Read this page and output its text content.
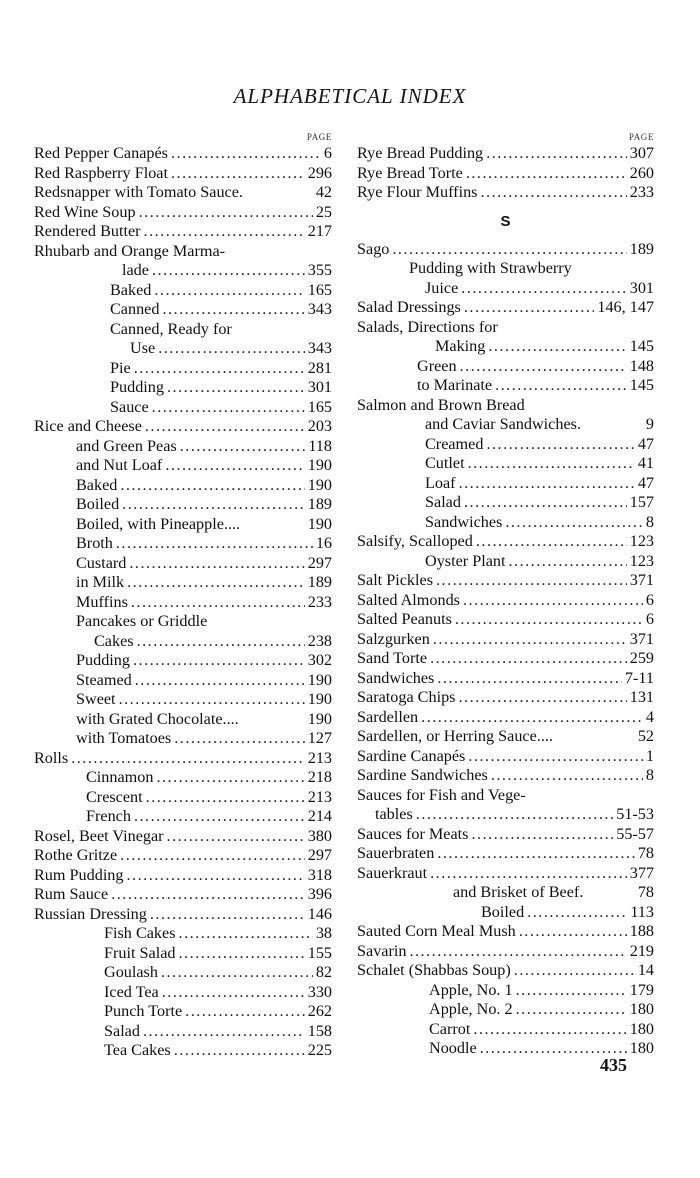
ALPHABETICAL INDEX
PAGE
Red Pepper Canapés .....	6
Red Raspberry Float .....	296
Redsnapper with Tomato Sauce.	42
Red Wine Soup .....	25
Rendered Butter .....	217
Rhubarb and Orange Marma-
lade .....	355
Baked .....	165
Canned .....	343
Canned, Ready for
Use .....	343
Pie .....	281
Pudding .....	301
Sauce .....	165
Rice and Cheese .....	203
and Green Peas .....	118
and Nut Loaf .....	190
Baked .....	190
Boiled .....	189
Boiled, with Pineapple....	190
Broth .....	16
Custard .....	297
in Milk .....	189
Muffins .....	233
Pancakes or Griddle
Cakes .....	238
Pudding .....	302
Steamed .....	190
Sweet .....	190
with Grated Chocolate....	190
with Tomatoes .....	127
Rolls .....	213
Cinnamon .....	218
Crescent .....	213
French .....	214
Rosel, Beet Vinegar .....	380
Rothe Gritze .....	297
Rum Pudding .....	318
Rum Sauce .....	396
Russian Dressing .....	146
Fish Cakes .....	38
Fruit Salad .....	155
Goulash .....	82
Iced Tea .....	330
Punch Torte .....	262
Salad .....	158
Tea Cakes .....	225
PAGE
Rye Bread Pudding .....	307
Rye Bread Torte .....	260
Rye Flour Muffins .....	233
S
Sago .....	189
Pudding with Strawberry
Juice .....	301
Salad Dressings .....	146, 147
Salads, Directions for
Making .....	145
Green .....	148
to Marinate .....	145
Salmon and Brown Bread
and Caviar Sandwiches.	9
Creamed .....	47
Cutlet .....	41
Loaf .....	47
Salad .....	157
Sandwiches .....	8
Salsify, Scalloped .....	123
Oyster Plant .....	123
Salt Pickles .....	371
Salted Almonds .....	6
Salted Peanuts .....	6
Salzgurken .....	371
Sand Torte .....	259
Sandwiches .....	7-11
Saratoga Chips .....	131
Sardellen .....	4
Sardellen, or Herring Sauce....	52
Sardine Canapés .....	1
Sardine Sandwiches .....	8
Sauces for Fish and Vege-
tables .....	51-53
Sauces for Meats .....	55-57
Sauerbraten .....	78
Sauerkraut .....	377
and Brisket of Beef.	78
Boiled .....	113
Sauted Corn Meal Mush .....	188
Savarin .....	219
Schalet (Shabbas Soup) .....	14
Apple, No. 1 .....	179
Apple, No. 2 .....	180
Carrot .....	180
Noodle .....	180
435
